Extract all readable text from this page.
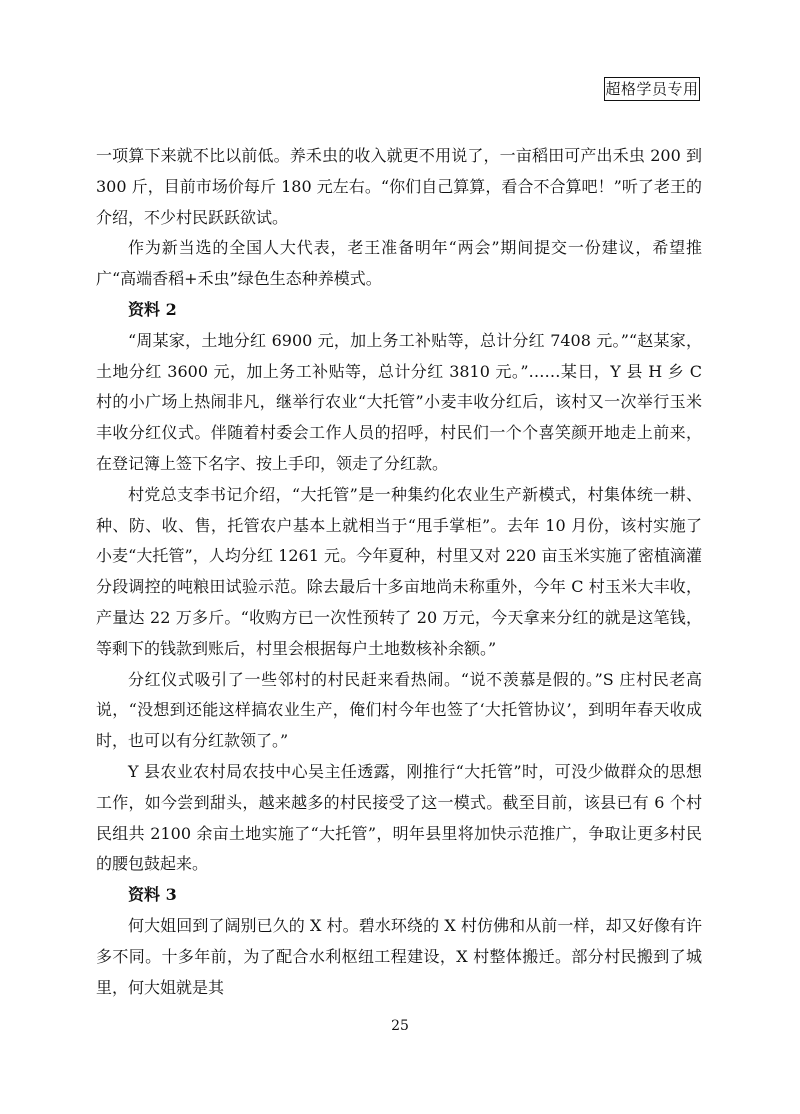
超格学员专用

一项算下来就不比以前低。养禾虫的收入就更不用说了，一亩稻田可产出禾虫 200 到 300 斤，目前市场价每斤 180 元左右。“你们自己算算，看合不合算吧！”听了老王的介绍，不少村民跃跃欲试。

作为新当选的全国人大代表，老王准备明年“两会”期间提交一份建议，希望推广“高端香稻+禾虫”绿色生态种养模式。

资料 2

“周某家，土地分红 6900 元，加上务工补贴等，总计分红 7408 元。”“赵某家，土地分红 3600 元，加上务工补贴等，总计分红 3810 元。”……某日，Y 县 H 乡 C 村的小广场上热闹非凡，继举行农业“大托管”小麦丰收分红后，该村又一次举行玉米丰收分红仪式。伴随着村委会工作人员的招呼，村民们一个个喜笑颜开地走上前来，在登记簿上签下名字、按上手印，领走了分红款。

村党总支李书记介绍，“大托管”是一种集约化农业生产新模式，村集体统一耕、种、防、收、售，托管农户基本上就相当于“甩手掌柜”。去年 10 月份，该村实施了小麦“大托管”，人均分红 1261 元。今年夏种，村里又对 220 亩玉米实施了密植滴灌分段调控的吨粮田试验示范。除去最后十多亩地尚未称重外，今年 C 村玉米大丰收，产量达 22 万多斤。“收购方已一次性预转了 20 万元，今天拿来分红的就是这笔钱，等剩下的钱款到账后，村里会根据每户土地数核补余额。”

分红仪式吸引了一些邻村的村民赶来看热闹。“说不羡慕是假的。”S 庄村民老高说，“没想到还能这样搞农业生产，俺们村今年也签了‘大托管协议’，到明年春天收成时，也可以有分红款领了。”

Y 县农业农村局农技中心吴主任透露，刚推行“大托管”时，可没少做群众的思想工作，如今尝到甜头，越来越多的村民接受了这一模式。截至目前，该县已有 6 个村民组共 2100 余亩土地实施了“大托管”，明年县里将加快示范推广，争取让更多村民的腰包鼓起来。

资料 3

何大姐回到了阔别已久的 X 村。碧水环绕的 X 村仿佛和从前一样，却又好像有许多不同。十多年前，为了配合水利枢纽工程建设，X 村整体搬迁。部分村民搬到了城里，何大姐就是其

25
